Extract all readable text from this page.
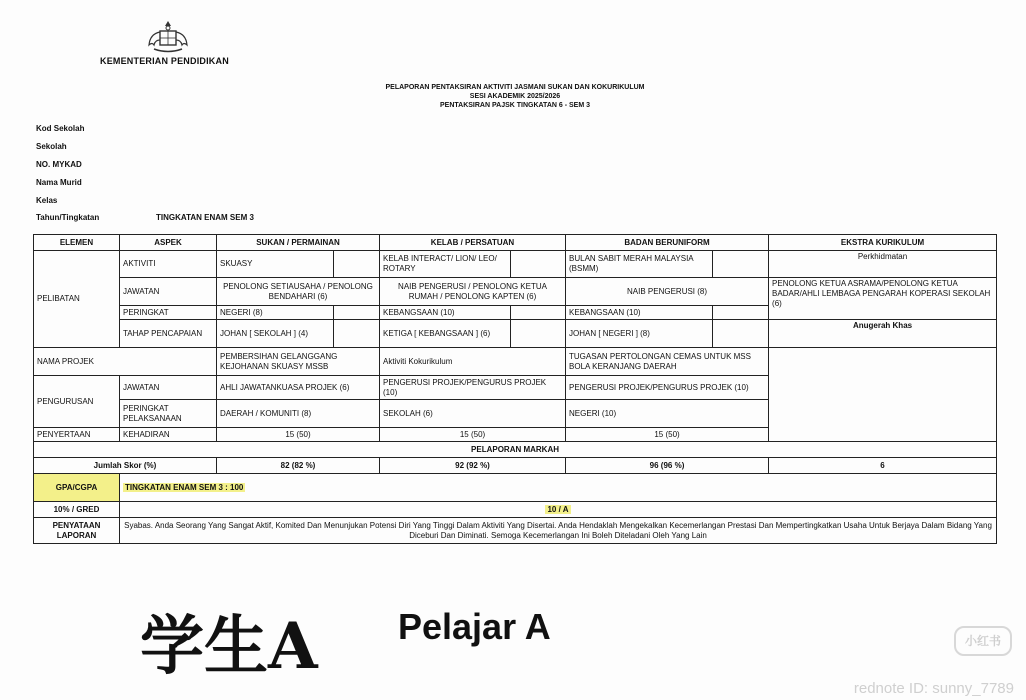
KEMENTERIAN PENDIDIKAN
PELAPORAN PENTAKSIRAN AKTIVITI JASMANI SUKAN DAN KOKURIKULUM
SESI AKADEMIK 2025/2026
PENTAKSIRAN PAJSK TINGKATAN 6 - SEM 3
Kod Sekolah
Sekolah
NO. MYKAD
Nama Murid
Kelas
Tahun/Tingkatan	TINGKATAN ENAM SEM 3
ELEMEN	ASPEK	SUKAN / PERMAINAN		KELAB / PERSATUAN		BADAN BERUNIFORM		EKSTRA KURIKULUM
PELIBATAN	AKTIVITI	SKUASY		KELAB INTERACT/ LION/ LEO/ ROTARY		BULAN SABIT MERAH MALAYSIA (BSMM)		Perkhidmatan
	JAWATAN	PENOLONG SETIAUSAHA / PENOLONG BENDAHARI (6)		NAIB PENGERUSI / PENOLONG KETUA RUMAH / PENOLONG KAPTEN (6)		NAIB PENGERUSI (8)		PENOLONG KETUA ASRAMA/PENOLONG KETUA BADAR/AHLI LEMBAGA PENGARAH KOPERASI SEKOLAH (6)
	PERINGKAT	NEGERI (8)		KEBANGSAAN (10)		KEBANGSAAN (10)		
	TAHAP PENCAPAIAN	JOHAN [ SEKOLAH ] (4)		KETIGA [ KEBANGSAAN ] (6)		JOHAN [ NEGERI ] (8)		Anugerah Khas
NAMA PROJEK		PEMBERSIHAN GELANGGANG KEJOHANAN SKUASY MSSB		Aktiviti Kokurikulum		TUGASAN PERTOLONGAN CEMAS UNTUK MSS BOLA KERANJANG DAERAH		
PENGURUSAN	JAWATAN	AHLI JAWATANKUASA PROJEK (6)		PENGERUSI PROJEK/PENGURUS PROJEK (10)		PENGERUSI PROJEK/PENGURUS PROJEK (10)		
	PERINGKAT PELAKSANAAN	DAERAH / KOMUNITI (8)		SEKOLAH (6)		NEGERI (10)		
PENYERTAAN	KEHADIRAN	15 (50)		15 (50)		15 (50)		
PELAPORAN MARKAH								
Jumlah Skor (%)		82 (82 %)		92 (92 %)		96 (96 %)		6
GPA/CGPA	TINGKATAN ENAM SEM 3 : 100							
10% / GRED	10 / A							
PENYATAAN LAPORAN	Syabas. Anda Seorang Yang Sangat Aktif, Komited Dan Menunjukan Potensi Diri Yang Tinggi Dalam Aktiviti Yang Disertai. Anda Hendaklah Mengekalkan Kecemerlangan Prestasi Dan Mempertingkatkan Usaha Untuk Berjaya Dalam Bidang Yang Diceburi Dan Diminati. Semoga Kecemerlangan Ini Boleh Diteladani Oleh Yang Lain							
学生A Pelajar A	小红书
rednote ID: sunny_7789
